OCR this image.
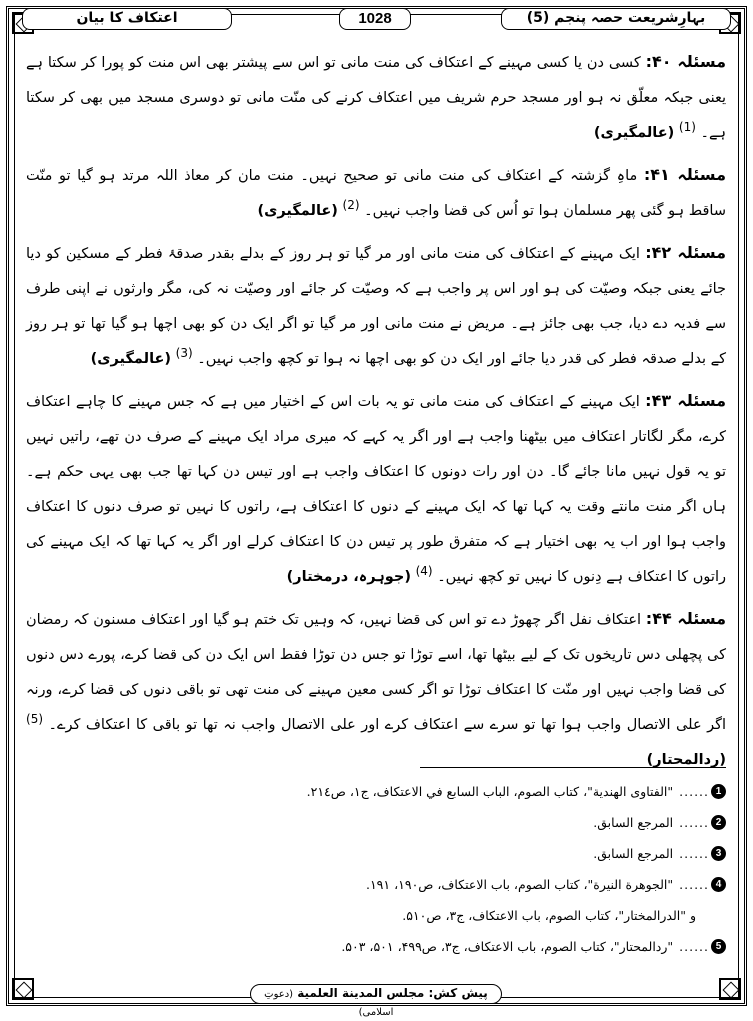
بہارِشریعت حصہ پنجم (5)
1028
اعتکاف کا بیان

مسئلہ ۴۰: کسی دن یا کسی مہینے کے اعتکاف کی منت مانی تو اس سے پیشتر بھی اس منت کو پورا کر سکتا ہے یعنی جبکہ معلّق نہ ہو اور مسجد حرم شریف میں اعتکاف کرنے کی منّت مانی تو دوسری مسجد میں بھی کر سکتا ہے۔ $^{(1)}$ (عالمگیری)

مسئلہ ۴۱: ماہِ گزشتہ کے اعتکاف کی منت مانی تو صحیح نہیں۔ منت مان کر معاذ اللہ مرتد ہو گیا تو منّت ساقط ہو گئی پھر مسلمان ہوا تو اُس کی قضا واجب نہیں۔ $^{(2)}$ (عالمگیری)

مسئلہ ۴۲: ایک مہینے کے اعتکاف کی منت مانی اور مر گیا تو ہر روز کے بدلے بقدر صدقۂ فطر کے مسکین کو دیا جائے یعنی جبکہ وصیّت کی ہو اور اس پر واجب ہے کہ وصیّت کر جائے اور وصیّت نہ کی، مگر وارثوں نے اپنی طرف سے فدیہ دے دیا، جب بھی جائز ہے۔ مریض نے منت مانی اور مر گیا تو اگر ایک دن کو بھی اچھا ہو گیا تھا تو ہر روز کے بدلے صدقہ فطر کی قدر دیا جائے اور ایک دن کو بھی اچھا نہ ہوا تو کچھ واجب نہیں۔ $^{(3)}$ (عالمگیری)

مسئلہ ۴۳: ایک مہینے کے اعتکاف کی منت مانی تو یہ بات اس کے اختیار میں ہے کہ جس مہینے کا چاہے اعتکاف کرے، مگر لگاتار اعتکاف میں بیٹھنا واجب ہے اور اگر یہ کہے کہ میری مراد ایک مہینے کے صرف دن تھے، راتیں نہیں تو یہ قول نہیں مانا جائے گا۔ دن اور رات دونوں کا اعتکاف واجب ہے اور تیس دن کہا تھا جب بھی یہی حکم ہے۔ ہاں اگر منت مانتے وقت یہ کہا تھا کہ ایک مہینے کے دنوں کا اعتکاف ہے، راتوں کا نہیں تو صرف دنوں کا اعتکاف واجب ہوا اور اب یہ بھی اختیار ہے کہ متفرق طور پر تیس دن کا اعتکاف کرلے اور اگر یہ کہا تھا کہ ایک مہینے کی راتوں کا اعتکاف ہے دِنوں کا نہیں تو کچھ نہیں۔ $^{(4)}$ (جوہرہ، درمختار)

مسئلہ ۴۴: اعتکاف نفل اگر چھوڑ دے تو اس کی قضا نہیں، کہ وہیں تک ختم ہو گیا اور اعتکاف مسنون کہ رمضان کی پچھلی دس تاریخوں تک کے لیے بیٹھا تھا، اسے توڑا تو جس دن توڑا فقط اس ایک دن کی قضا کرے، پورے دس دنوں کی قضا واجب نہیں اور منّت کا اعتکاف توڑا تو اگر کسی معین مہینے کی منت تھی تو باقی دنوں کی قضا کرے، ورنہ اگر علی الاتصال واجب ہوا تھا تو سرے سے اعتکاف کرے اور علی الاتصال واجب نہ تھا تو باقی کا اعتکاف کرے۔ $^{(5)}$ (ردالمحتار)

1
......
"الفتاوی الهندیة"، کتاب الصوم، الباب السابع في الاعتکاف، ج۱، ص۲۱٤.
2
......
المرجع السابق.
3
......
المرجع السابق.
4
......
"الجوهرة النیرة"، کتاب الصوم، باب الاعتکاف، ص۱۹۰، ۱۹۱.
و "الدرالمختار"، کتاب الصوم، باب الاعتکاف، ج۳، ص۵۱۰.
5
......
"ردالمحتار"، کتاب الصوم، باب الاعتکاف، ج۳، ص۴۹۹، ۵۰۱، ۵۰۳.
پیش کش: مجلس المدینة العلمیة (دعوتِ اسلامی)
